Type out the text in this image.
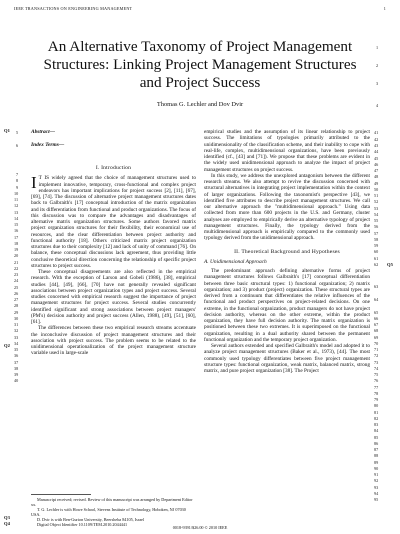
IEEE TRANSACTIONS ON ENGINEERING MANAGEMENT	1
An Alternative Taxonomy of Project Management
Structures: Linking Project Management Structures
and Project Success
1
2
3
4
Thomas G. Lechler and Dov Dvir
Abstract—
Index Terms—
5
6
Q1
I. Introduction

I T IS widely agreed that the choice of management structures used to implement innovative, temporary, cross-functional and complex project endeavors has important implications for project success [2], [11], [67], [69], [74]. The discussion of alternative project management structures dates back to Galbraith's [17] conceptual introduction of the matrix organization and its differentiation from functional and product organizations. The focus of this discussion was to compare the advantages and disadvantages of alternative matrix organization structures. Some authors favored matrix project organization structures for their flexibility, their economical use of resources, and the clear differentiation between project authority and functional authority [18]. Others criticized matrix project organization structures due to their complexity [12] and lack of unity of command [76]. On balance, these conceptual discussions lack agreement, thus providing little conclusive theoretical direction concerning the relationship of specific project structures to project success.

These conceptual disagreements are also reflected in the empirical research. With the exception of Larson and Gobeli (1986), [38], empirical studies [44], [49], [66], [70] have not generally revealed significant associations between project organization types and project success. Several studies concerned with empirical research suggest the importance of project management structures for project success. Several studies concurrently identified significant and strong associations between project managers' (PM's) decision authority and project success (Allen, 1988), [49], [51], [60], [61].

The differences between these two empirical research streams accentuate the inconclusive discussion of project management structures and their association with project success. The problem seems to be related to the unidimensional operationalization of the project management structure variable used in large-scale

7
8
9
10
11
12
13
14
15
16
17
18
19
20
21
22
23
24
25
26
27
28
29
30
31
32
33
34
35
36
37
38
39
40
Q2
Manuscript received; revised. Review of this manuscript was arranged by Department Editor xx.
T. G. Lechler is with Howe School, Stevens Institute of Technology, Hoboken, NJ 07030 USA.
D. Dvir is with Ben-Gurion University, Beersheba 84105, Israel
Digital Object Identifier 10.1109/TEM.2010.2044441
Q3
Q4

empirical studies and the assumption of its linear relationship to project success. The limitations of typologies primarily attributed to the unidimensionality of the classification scheme, and their inability to cope with real-life, complex, multidimensional organizations, have been previously identified (cf., [43] and [71]). We propose that these problems are evident in the widely used unidimensional approach to analyze the impact of project management structures on project success.

In this study, we address the unexplored antagonism between the different research streams. We also attempt to revive the discussion concerned with structural alternatives in integrating project implementation within the context of larger organizations. Following the taxonomist's perspective [43], we identified five attributes to describe project management structures. We call our alternative approach the "multidimensional approach." Using data collected from more than 600 projects in the U.S. and Germany, cluster analyses are employed to empirically derive an alternative typology of project management structures. Finally, the typology derived from the multidimensional approach is empirically compared to the commonly used typology derived from the unidimensional approach.

II. Theoretical Background and Hypotheses
A. Unidimensional Approach

The predominant approach defining alternative forms of project management structures follows Galbraith's [17] conceptual differentiation between three basic structural types: 1) functional organization; 2) matrix organization; and 3) product (project) organization. These structural types are derived from a continuum that differentiates the relative influences of the functional and product perspectives on project-related decisions. On one extreme, in the functional organization, product managers do not have project decision authority, whereas on the other extreme, within the product organization, they have full decision authority. The matrix organization is positioned between these two extremes. It is superimposed on the functional organization, resulting in a dual authority shared between the permanent functional organization and the temporary project organization.

Several authors extended and specified Galbraith's model and adopted it to analyze project management structures (Baker et al., 1973), [44]. The most commonly used typology differentiates between five project management structure types: functional organization, weak matrix, balanced matrix, strong matrix, and pure project organization [38]. The Project

41
42
43
44
45
46
47
48
49
50
51
52
53
54
55
56
57
58
59
60
61
62 Q5
63
64
65
66
67
68
69
70
71
72
73
74
75
76
77
78
79
80
81
82
83
84
85
86
87
88
89
90
91
92
93
94
95
0018-9391/$26.00 © 2010 IEEE
